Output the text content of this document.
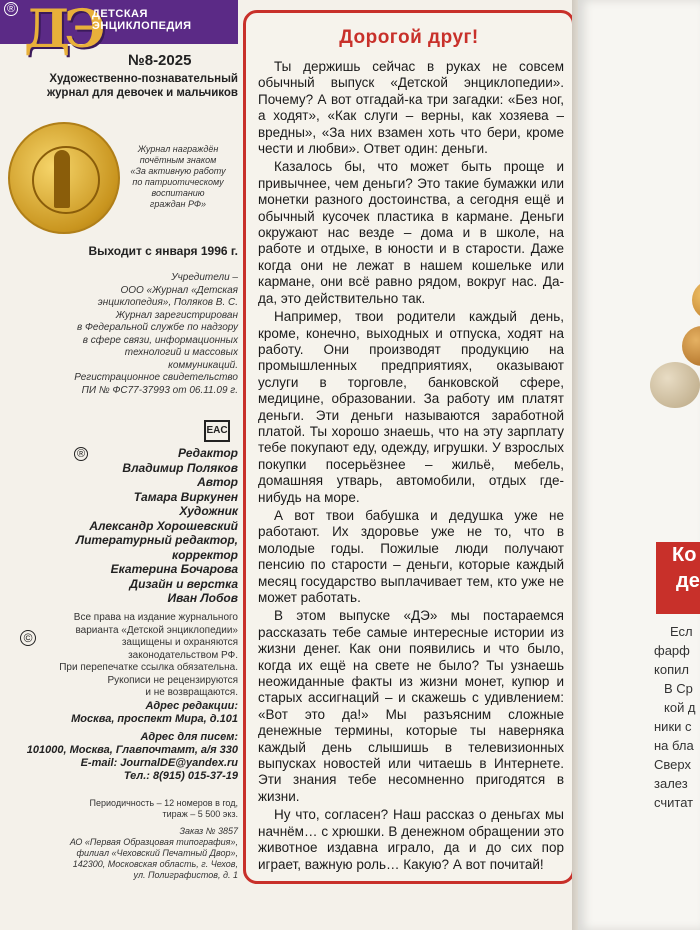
® ДЭ
ДЕТСКАЯ
ЭНЦИКЛОПЕДИЯ
№8-2025
Художественно-познавательный
журнал для девочек и мальчиков
Журнал награждён
почётным знаком
«За активную работу
по патриотическому
воспитанию
граждан РФ»
Выходит с января 1996 г.
Учредители –
ООО «Журнал «Детская
энциклопедия», Поляков В. С.
Журнал зарегистрирован
в Федеральной службе по надзору
в сфере связи, информационных
технологий и массовых
коммуникаций.
Регистрационное свидетельство
ПИ № ФС77-37993 от 06.11.09 г.
EAC
®	Редактор
Владимир Поляков
Автор
Тамара Виркунен
Художник
Александр Хорошевский
Литературный редактор,
корректор
Екатерина Бочарова
Дизайн и верстка
Иван Лобов
©
Все права на издание журнального
варианта «Детской энциклопедии»
защищены и охраняются
законодательством РФ.
При перепечатке ссылка обязательна.
Рукописи не рецензируются
и не возвращаются.
Адрес редакции:
Москва, проспект Мира, д.101
Адрес для писем:
101000, Москва, Главпочтамт, а/я 330
E-mail: JournalDE@yandex.ru
Тел.: 8(915) 015-37-19
Периодичность – 12 номеров в год,
тираж – 5 500 экз.
Заказ № 3857
АО «Первая Образцовая типография»,
филиал «Чеховский Печатный Двор»,
142300, Московская область, г. Чехов,
ул. Полиграфистов, д. 1
Дорогой друг!

Ты держишь сейчас в руках не совсем обычный выпуск «Детской энциклопедии». Почему? А вот отгадай-ка три загадки: «Без ног, а ходят», «Как слуги – верны, как хозяева – вредны», «За них взамен хоть что бери, кроме чести и любви». Ответ один: деньги.

Казалось бы, что может быть проще и привычнее, чем деньги? Это такие бумажки или монетки разного достоинства, а сегодня ещё и обычный кусочек пластика в кармане. Деньги окружают нас везде – дома и в школе, на работе и отдыхе, в юности и в старости. Даже когда они не лежат в нашем кошельке или кармане, они всё равно рядом, вокруг нас. Да-да, это действительно так.

Например, твои родители каждый день, кроме, конечно, выходных и отпуска, ходят на работу. Они производят продукцию на промышленных предприятиях, оказывают услуги в торговле, банковской сфере, медицине, образовании. За работу им платят деньги. Эти деньги называются заработной платой. Ты хорошо знаешь, что на эту зарплату тебе покупают еду, одежду, игрушки. У взрослых покупки посерьёзнее – жильё, мебель, домашняя утварь, автомобили, отдых где-нибудь на море.

А вот твои бабушка и дедушка уже не работают. Их здоровье уже не то, что в молодые годы. Пожилые люди получают пенсию по старости – деньги, которые каждый месяц государство выплачивает тем, кто уже не может работать.

В этом выпуске «ДЭ» мы постараемся рассказать тебе самые интересные истории из жизни денег. Как они появились и что было, когда их ещё на свете не было? Ты узнаешь неожиданные факты из жизни монет, купюр и старых ассигнаций – и скажешь с удивлением: «Вот это да!» Мы разъясним сложные денежные термины, которые ты наверняка каждый день слышишь в телевизионных выпусках новостей или читаешь в Интернете. Эти знания тебе несомненно пригодятся в жизни.

Ну что, согласен? Наш рассказ о деньгах мы начнём… с хрюшки. В денежном обращении это животное издавна играло, да и до сих пор играет, важную роль… Какую? А вот почитай!

Ко
де
Есл
фарф
копил
В Ср
кой д
ники с
на бла
Сверх
залез
считат
